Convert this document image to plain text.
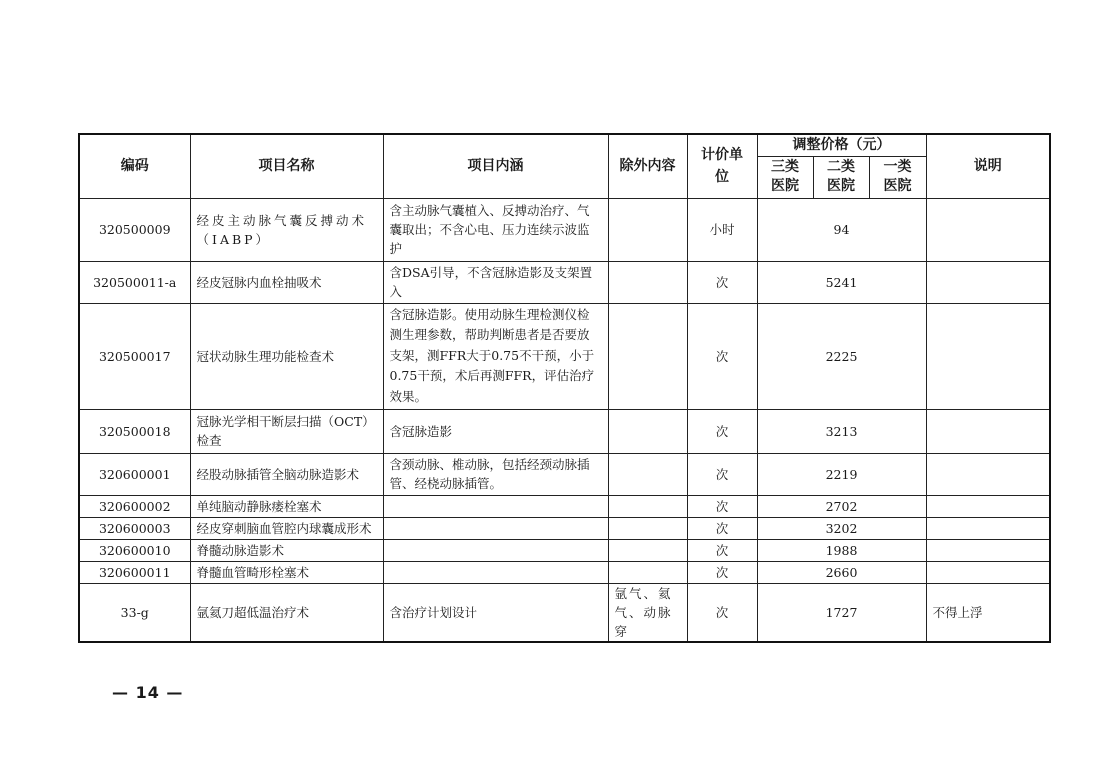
编码	项目名称	项目内涵	除外内容	计价单位	调整价格（元）			说明
					三类医院	二类医院	一类医院	
320500009	经皮主动脉气囊反搏动术（IABP）	含主动脉气囊植入、反搏动治疗、气囊取出；不含心电、压力连续示波监护		小时	94			
320500011-a	经皮冠脉内血栓抽吸术	含DSA引导，不含冠脉造影及支架置入		次	5241			
320500017	冠状动脉生理功能检查术	含冠脉造影。使用动脉生理检测仪检测生理参数，帮助判断患者是否要放支架，测FFR大于0.75不干预，小于0.75干预，术后再测FFR，评估治疗效果。		次	2225			
320500018	冠脉光学相干断层扫描（OCT）检查	含冠脉造影		次	3213			
320600001	经股动脉插管全脑动脉造影术	含颈动脉、椎动脉，包括经颈动脉插管、经桡动脉插管。		次	2219			
320600002	单纯脑动静脉瘘栓塞术			次	2702			
320600003	经皮穿刺脑血管腔内球囊成形术			次	3202			
320600010	脊髓动脉造影术			次	1988			
320600011	脊髓血管畸形栓塞术			次	2660			
33-g	氩氦刀超低温治疗术	含治疗计划设计	氩气、氦气、动脉穿	次	1727			不得上浮
— 14 —
